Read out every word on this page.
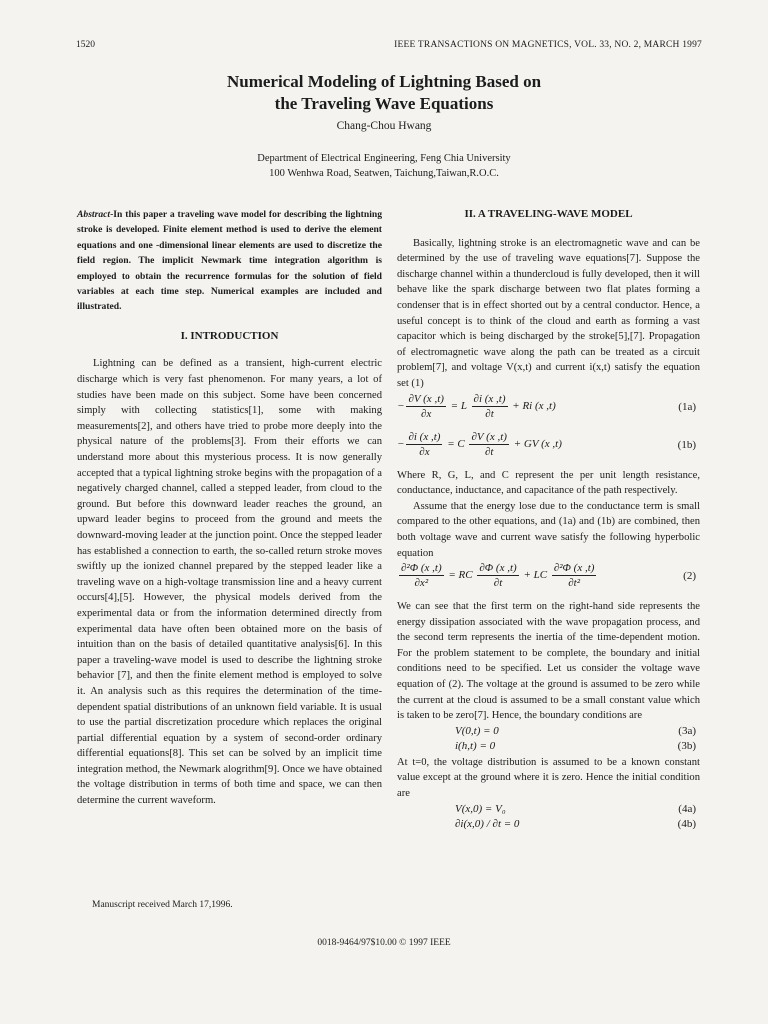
1520	IEEE TRANSACTIONS ON MAGNETICS, VOL. 33, NO. 2, MARCH 1997
Numerical Modeling of Lightning Based on
the Traveling Wave Equations
Chang-Chou Hwang
Department of Electrical Engineering, Feng Chia University
100 Wenhwa Road, Seatwen, Taichung,Taiwan,R.O.C.
Abstract-In this paper a traveling wave model for describing the lightning stroke is developed. Finite element method is used to derive the element equations and one -dimensional linear elements are used to discretize the field region. The implicit Newmark time integration algorithm is employed to obtain the recurrence formulas for the solution of field variables at each time step. Numerical examples are included and illustrated.
I. INTRODUCTION

Lightning can be defined as a transient, high-current electric discharge which is very fast phenomenon. For many years, a lot of studies have been made on this subject. Some have been concerned simply with collecting statistics[1], some with making measurements[2], and others have tried to probe more deeply into the physical nature of the problems[3]. From their efforts we can understand more about this mysterious process. It is now generally accepted that a typical lightning stroke begins with the propagation of a negatively charged channel, called a stepped leader, from cloud to the ground. But before this downward leader reaches the ground, an upward leader begins to proceed from the ground and meets the downward-moving leader at the junction point. Once the stepped leader has established a connection to earth, the so-called return stroke moves swiftly up the ionized channel prepared by the stepped leader like a traveling wave on a high-voltage transmission line and a heavy current occurs[4],[5]. However, the physical models derived from the experimental data or from the information determined directly from experimental data have often been obtained more on the basis of intuition than on the basis of detailed quantitative analysis[6]. In this paper a traveling-wave model is used to describe the lightning stroke behavior [7], and then the finite element method is employed to solve it. An analysis such as this requires the determination of the time-dependent spatial distributions of an unknown field variable. It is usual to use the partial discretization procedure which replaces the original partial differential equation by a system of second-order ordinary differential equations[8]. This set can be solved by an implicit time integration method, the Newmark alogrithm[9]. Once we have obtained the voltage distribution in terms of both time and space, we can then determine the current waveform.

II. A TRAVELING-WAVE MODEL

Basically, lightning stroke is an electromagnetic wave and can be determined by the use of traveling wave equations[7]. Suppose the discharge channel within a thundercloud is fully developed, then it will behave like the spark discharge between two flat plates forming a condenser that is in effect shorted out by a central conductor. Hence, a useful concept is to think of the cloud and earth as forming a vast capacitor which is being discharged by the stroke[5],[7]. Propagation of electromagnetic wave along the path can be treated as a circuit problem[7], and voltage V(x,t) and current i(x,t) satisfy the equation set (1)

− $\frac{\partial V (x ,t)}{\partial x} = L \frac{\partial i (x ,t)}{\partial t} + Ri$ (x ,t)	(1a)
− $\frac{\partial i (x ,t)}{\partial x} = C \frac{\partial V (x ,t)}{\partial t}$ + GV (x ,t)	(1b)

Where R, G, L, and C represent the per unit length resistance, conductance, inductance, and capacitance of the path respectively.

Assume that the energy lose due to the conductance term is small compared to the other equations, and (1a) and (1b) are combined, then both voltage wave and current wave satisfy the following hyperbolic equation

$\frac{\text{∂²Φ (x ,t)}}{\text{∂x²}}$ = RC $\frac{\partial\Phi (x ,t)}{\partial t}$ + LC $\frac{\text{∂²Φ (x ,t)}}{\text{∂t²}}$	(2)

We can see that the first term on the right-hand side represents the energy dissipation associated with the wave propagation process, and the second term represents the inertia of the time-dependent motion. For the problem statement to be complete, the boundary and initial conditions need to be specified. Let us consider the voltage wave equation of (2). The voltage at the ground is assumed to be zero while the current at the cloud is assumed to be a small constant value which is taken to be zero[7]. Hence, the boundary conditions are

V(0,t) = 0	(3a)
i(h,t) = 0	(3b)

At t=0, the voltage distribution is assumed to be a known constant value except at the ground where it is zero. Hence the initial condition are

V(x,0) = V₀	(4a)
∂i(x,0) / ∂t = 0	(4b)
Manuscript received March 17,1996.
0018-9464/97$10.00 © 1997 IEEE
